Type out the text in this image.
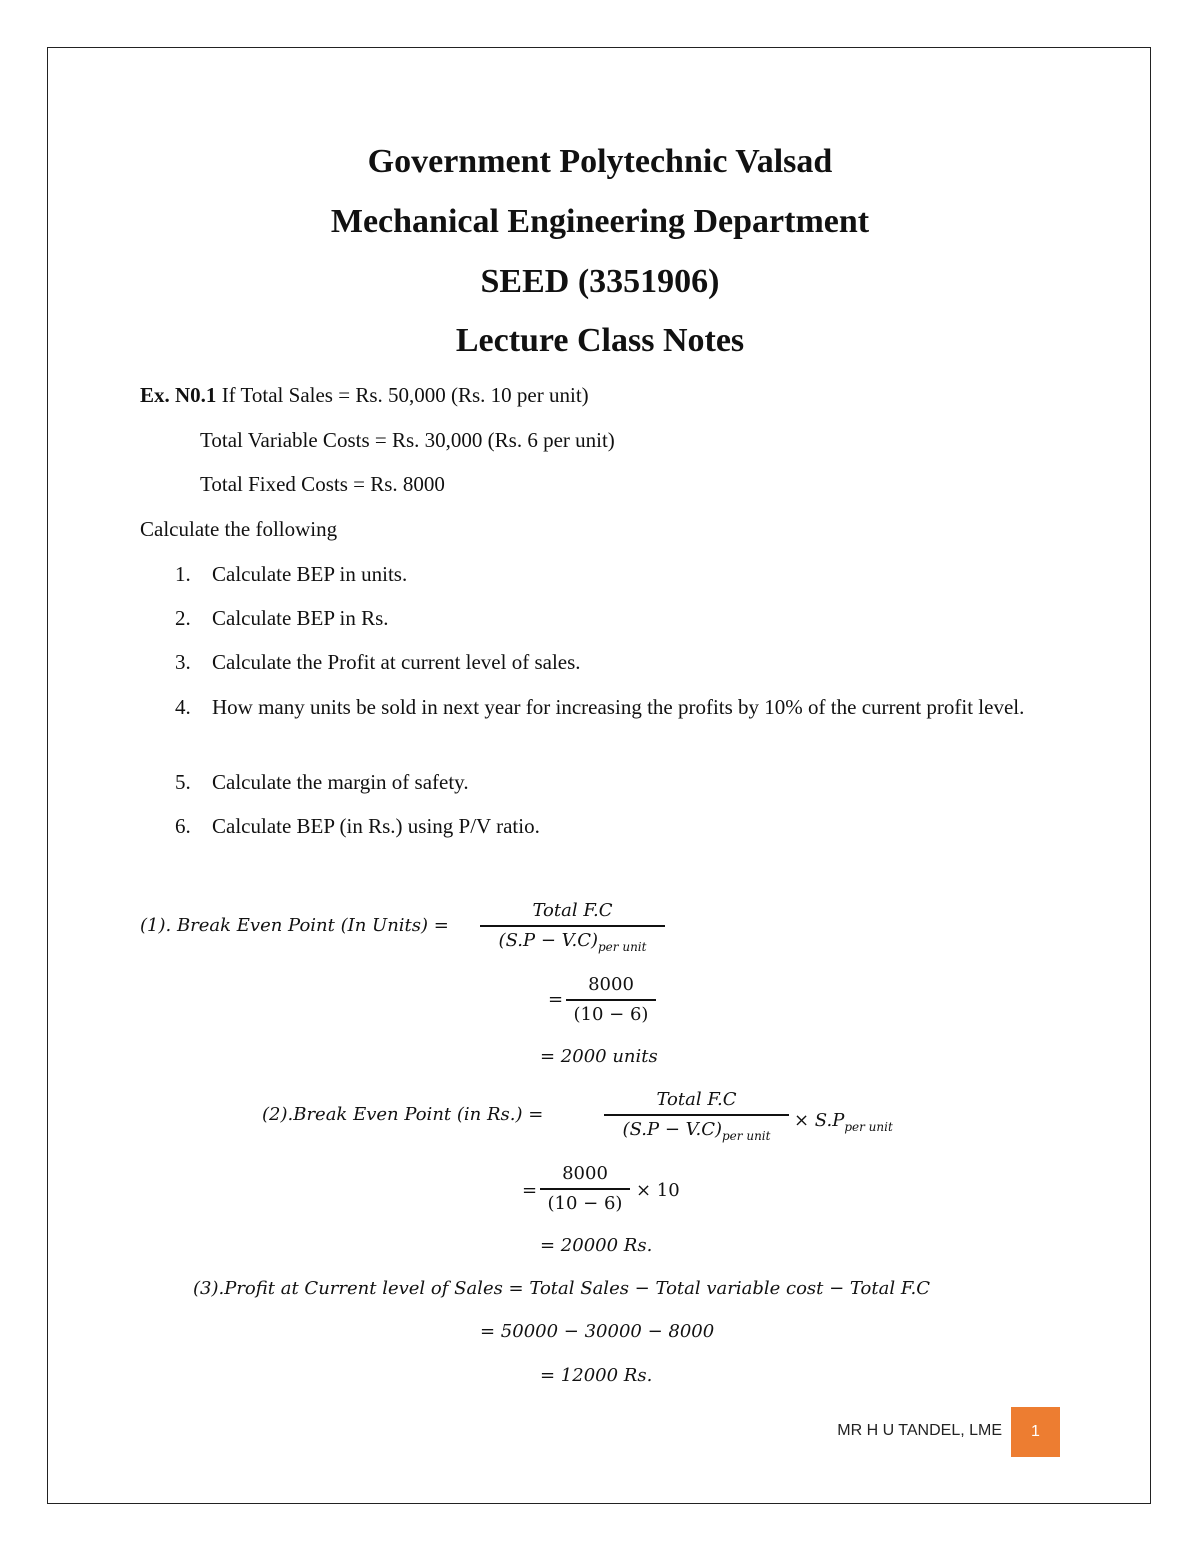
Government Polytechnic Valsad
Mechanical Engineering Department
SEED (3351906)
Lecture Class Notes
Ex. N0.1 If Total Sales = Rs. 50,000 (Rs. 10 per unit)
Total Variable Costs = Rs. 30,000 (Rs. 6 per unit)
Total Fixed Costs = Rs. 8000
Calculate the following
1.	Calculate BEP in units.
2.	Calculate BEP in Rs.
3.	Calculate the Profit at current level of sales.
4.	How many units be sold in next year for increasing the profits by 10% of the current profit level.
5.	Calculate the margin of safety.
6.	Calculate BEP (in Rs.) using P/V ratio.
(1). Break Even Point (In Units) =
Total F.C
$(S.P - V.C)_{per unit}$
=
8000
(10 − 6)
= 2000 units
(2).Break Even Point (in Rs.) =
Total F.C
$(S.P - V.C)_{per unit}$
× $S.P_{per unit}$
=
8000
(10 − 6)
× 10
= 20000 Rs.
(3).Profit at Current level of Sales = Total Sales − Total variable cost − Total F.C
= 50000 − 30000 − 8000
= 12000 Rs.
MR H U TANDEL, LME	1
